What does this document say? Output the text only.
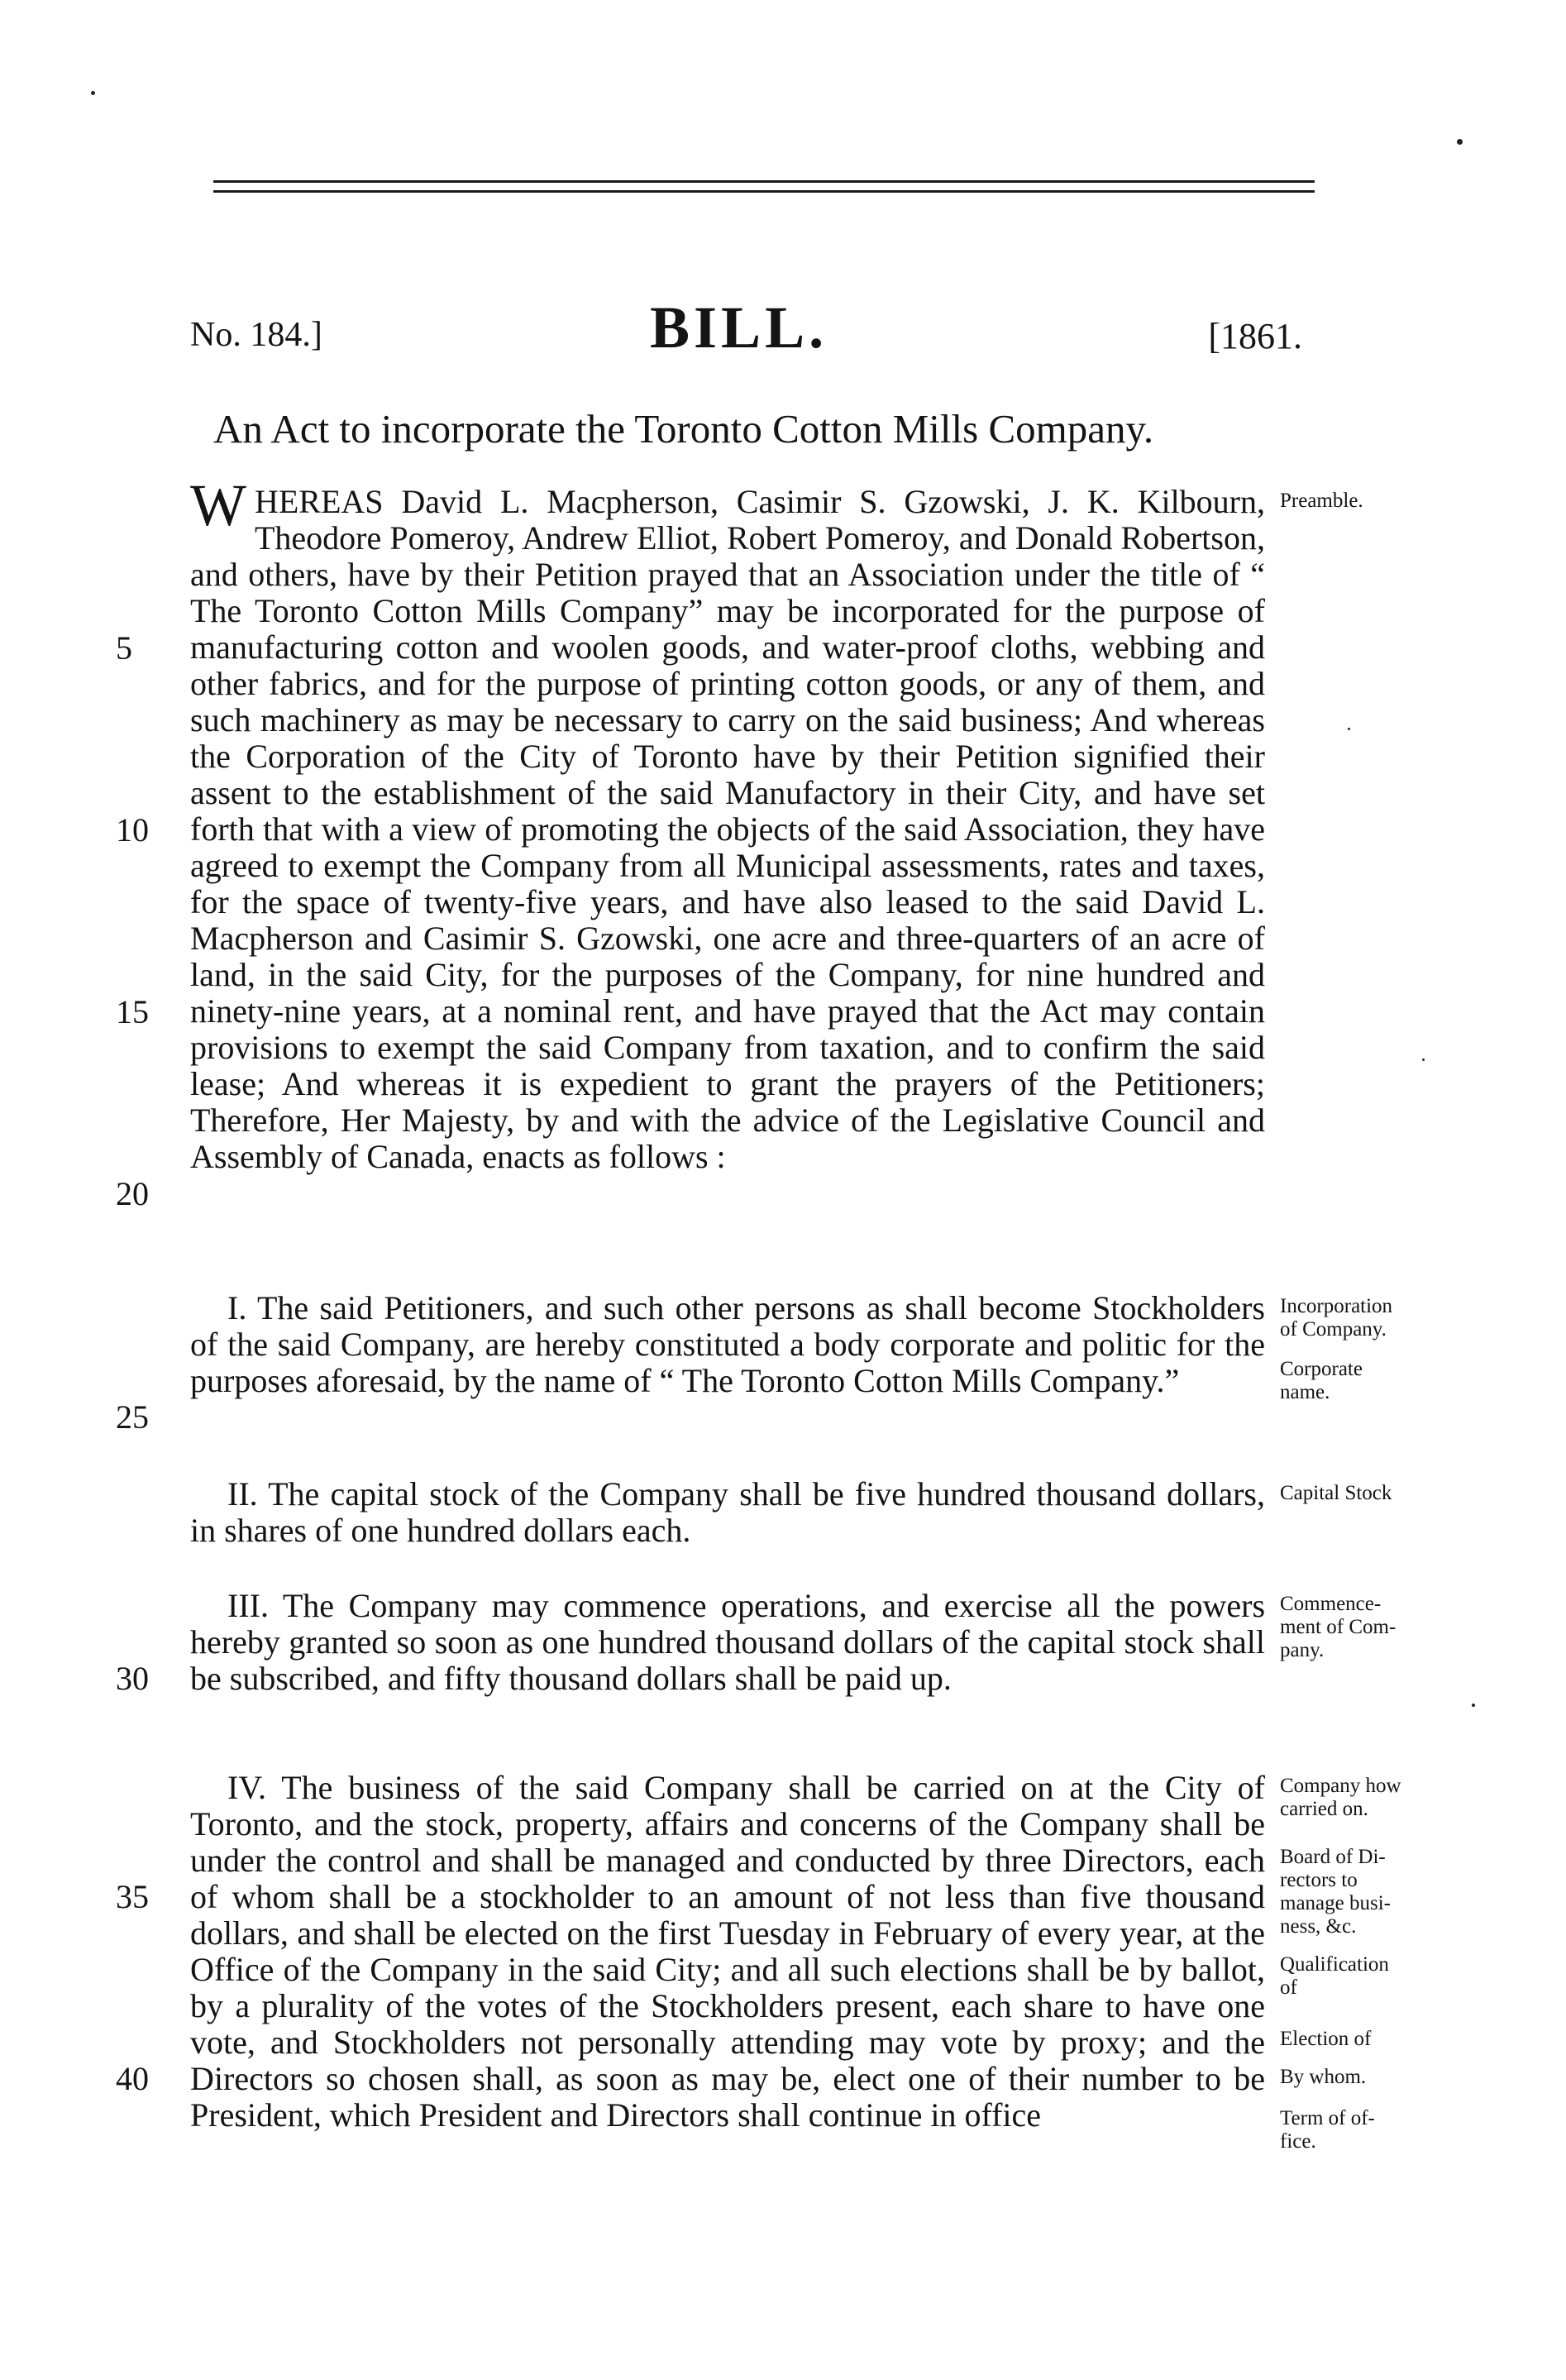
No. 184.]	BILL.	[1861.
An Act to incorporate the Toronto Cotton Mills Company.

WHEREAS David L. Macpherson, Casimir S. Gzowski, J. K. Kilbourn, Theodore Pomeroy, Andrew Elliot, Robert Pomeroy, and Donald Robertson, and others, have by their Petition prayed that an Association under the title of “ The Toronto Cotton Mills Company” may be incorporated for the purpose of manufacturing cotton and woolen goods, and water-proof cloths, webbing and other fabrics, and for the purpose of printing cotton goods, or any of them, and such machinery as may be necessary to carry on the said business; And whereas the Corporation of the City of Toronto have by their Petition signified their assent to the establishment of the said Manufactory in their City, and have set forth that with a view of promoting the objects of the said Association, they have agreed to exempt the Company from all Municipal assessments, rates and taxes, for the space of twenty-five years, and have also leased to the said David L. Macpherson and Casimir S. Gzowski, one acre and three-quarters of an acre of land, in the said City, for the purposes of the Company, for nine hundred and ninety-nine years, at a nominal rent, and have prayed that the Act may contain provisions to exempt the said Company from taxation, and to confirm the said lease; And whereas it is expedient to grant the prayers of the Petitioners; Therefore, Her Majesty, by and with the advice of the Legislative Council and Assembly of Canada, enacts as follows :

I. The said Petitioners, and such other persons as shall become Stockholders of the said Company, are hereby constituted a body corporate and politic for the purposes aforesaid, by the name of “ The Toronto Cotton Mills Company.”

II. The capital stock of the Company shall be five hundred thousand dollars, in shares of one hundred dollars each.

III. The Company may commence operations, and exercise all the powers hereby granted so soon as one hundred thousand dollars of the capital stock shall be subscribed, and fifty thousand dollars shall be paid up.

IV. The business of the said Company shall be carried on at the City of Toronto, and the stock, property, affairs and concerns of the Company shall be under the control and shall be managed and conducted by three Directors, each of whom shall be a stockholder to an amount of not less than five thousand dollars, and shall be elected on the first Tuesday in February of every year, at the Office of the Company in the said City; and all such elections shall be by ballot, by a plurality of the votes of the Stockholders present, each share to have one vote, and Stockholders not personally attending may vote by proxy; and the Directors so chosen shall, as soon as may be, elect one of their number to be President, which President and Directors shall continue in office

5
10
15
20
25
30
35
40
Preamble.
Incorporation
of Company.
Corporate
name.
Capital Stock
Commence-
ment of Com-
pany.
Company how
carried on.
Board of Di-
rectors to
manage busi-
ness, &c.
Qualification
of
Election of
By whom.
Term of of-
fice.
